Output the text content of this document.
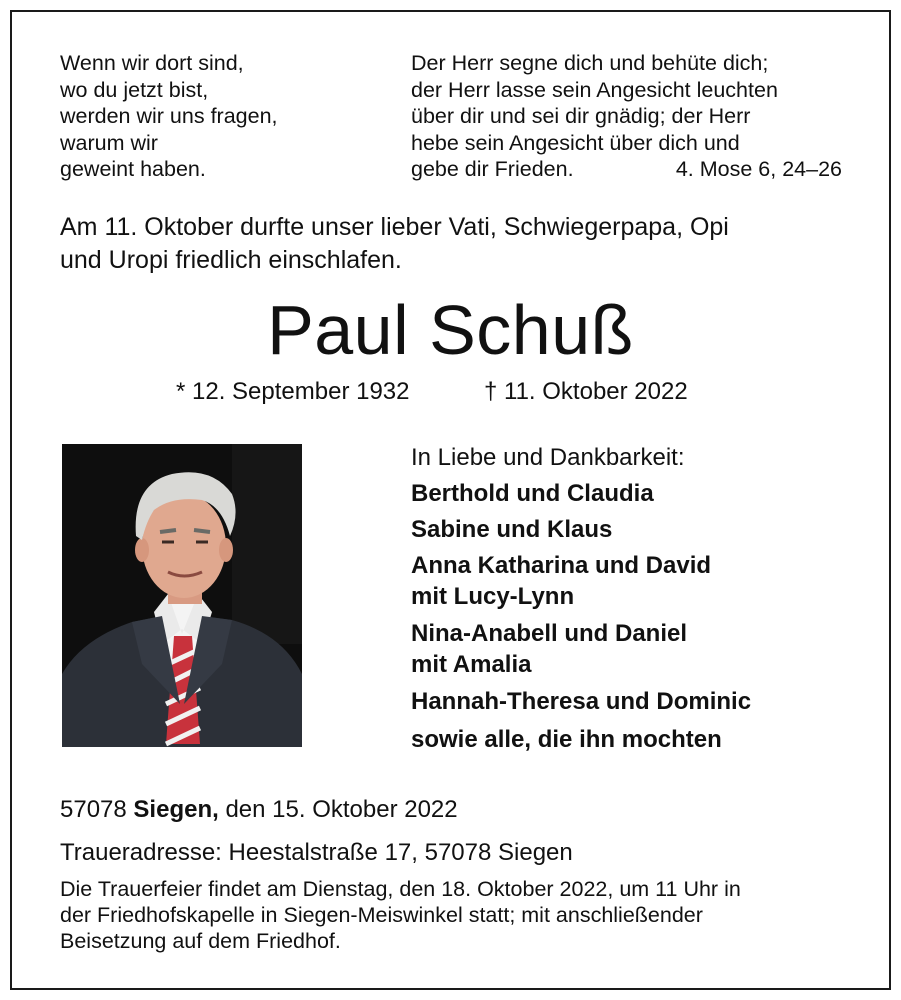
Wenn wir dort sind,
wo du jetzt bist,
werden wir uns fragen,
warum wir
geweint haben.
Der Herr segne dich und behüte dich;
der Herr lasse sein Angesicht leuchten
über dir und sei dir gnädig; der Herr
hebe sein Angesicht über dich und
gebe dir Frieden.	4. Mose 6, 24–26
Am 11. Oktober durfte unser lieber Vati, Schwiegerpapa, Opi
und Uropi friedlich einschlafen.
Paul Schuß
* 12. September 1932	† 11. Oktober 2022
In Liebe und Dankbarkeit:
Berthold und Claudia
Sabine und Klaus
Anna Katharina und David
mit Lucy-Lynn
Nina-Anabell und Daniel
mit Amalia
Hannah-Theresa und Dominic
sowie alle, die ihn mochten
57078 Siegen, den 15. Oktober 2022
Traueradresse: Heestalstraße 17, 57078 Siegen
Die Trauerfeier findet am Dienstag, den 18. Oktober 2022, um 11 Uhr in
der Friedhofskapelle in Siegen-Meiswinkel statt; mit anschließender
Beisetzung auf dem Friedhof.
